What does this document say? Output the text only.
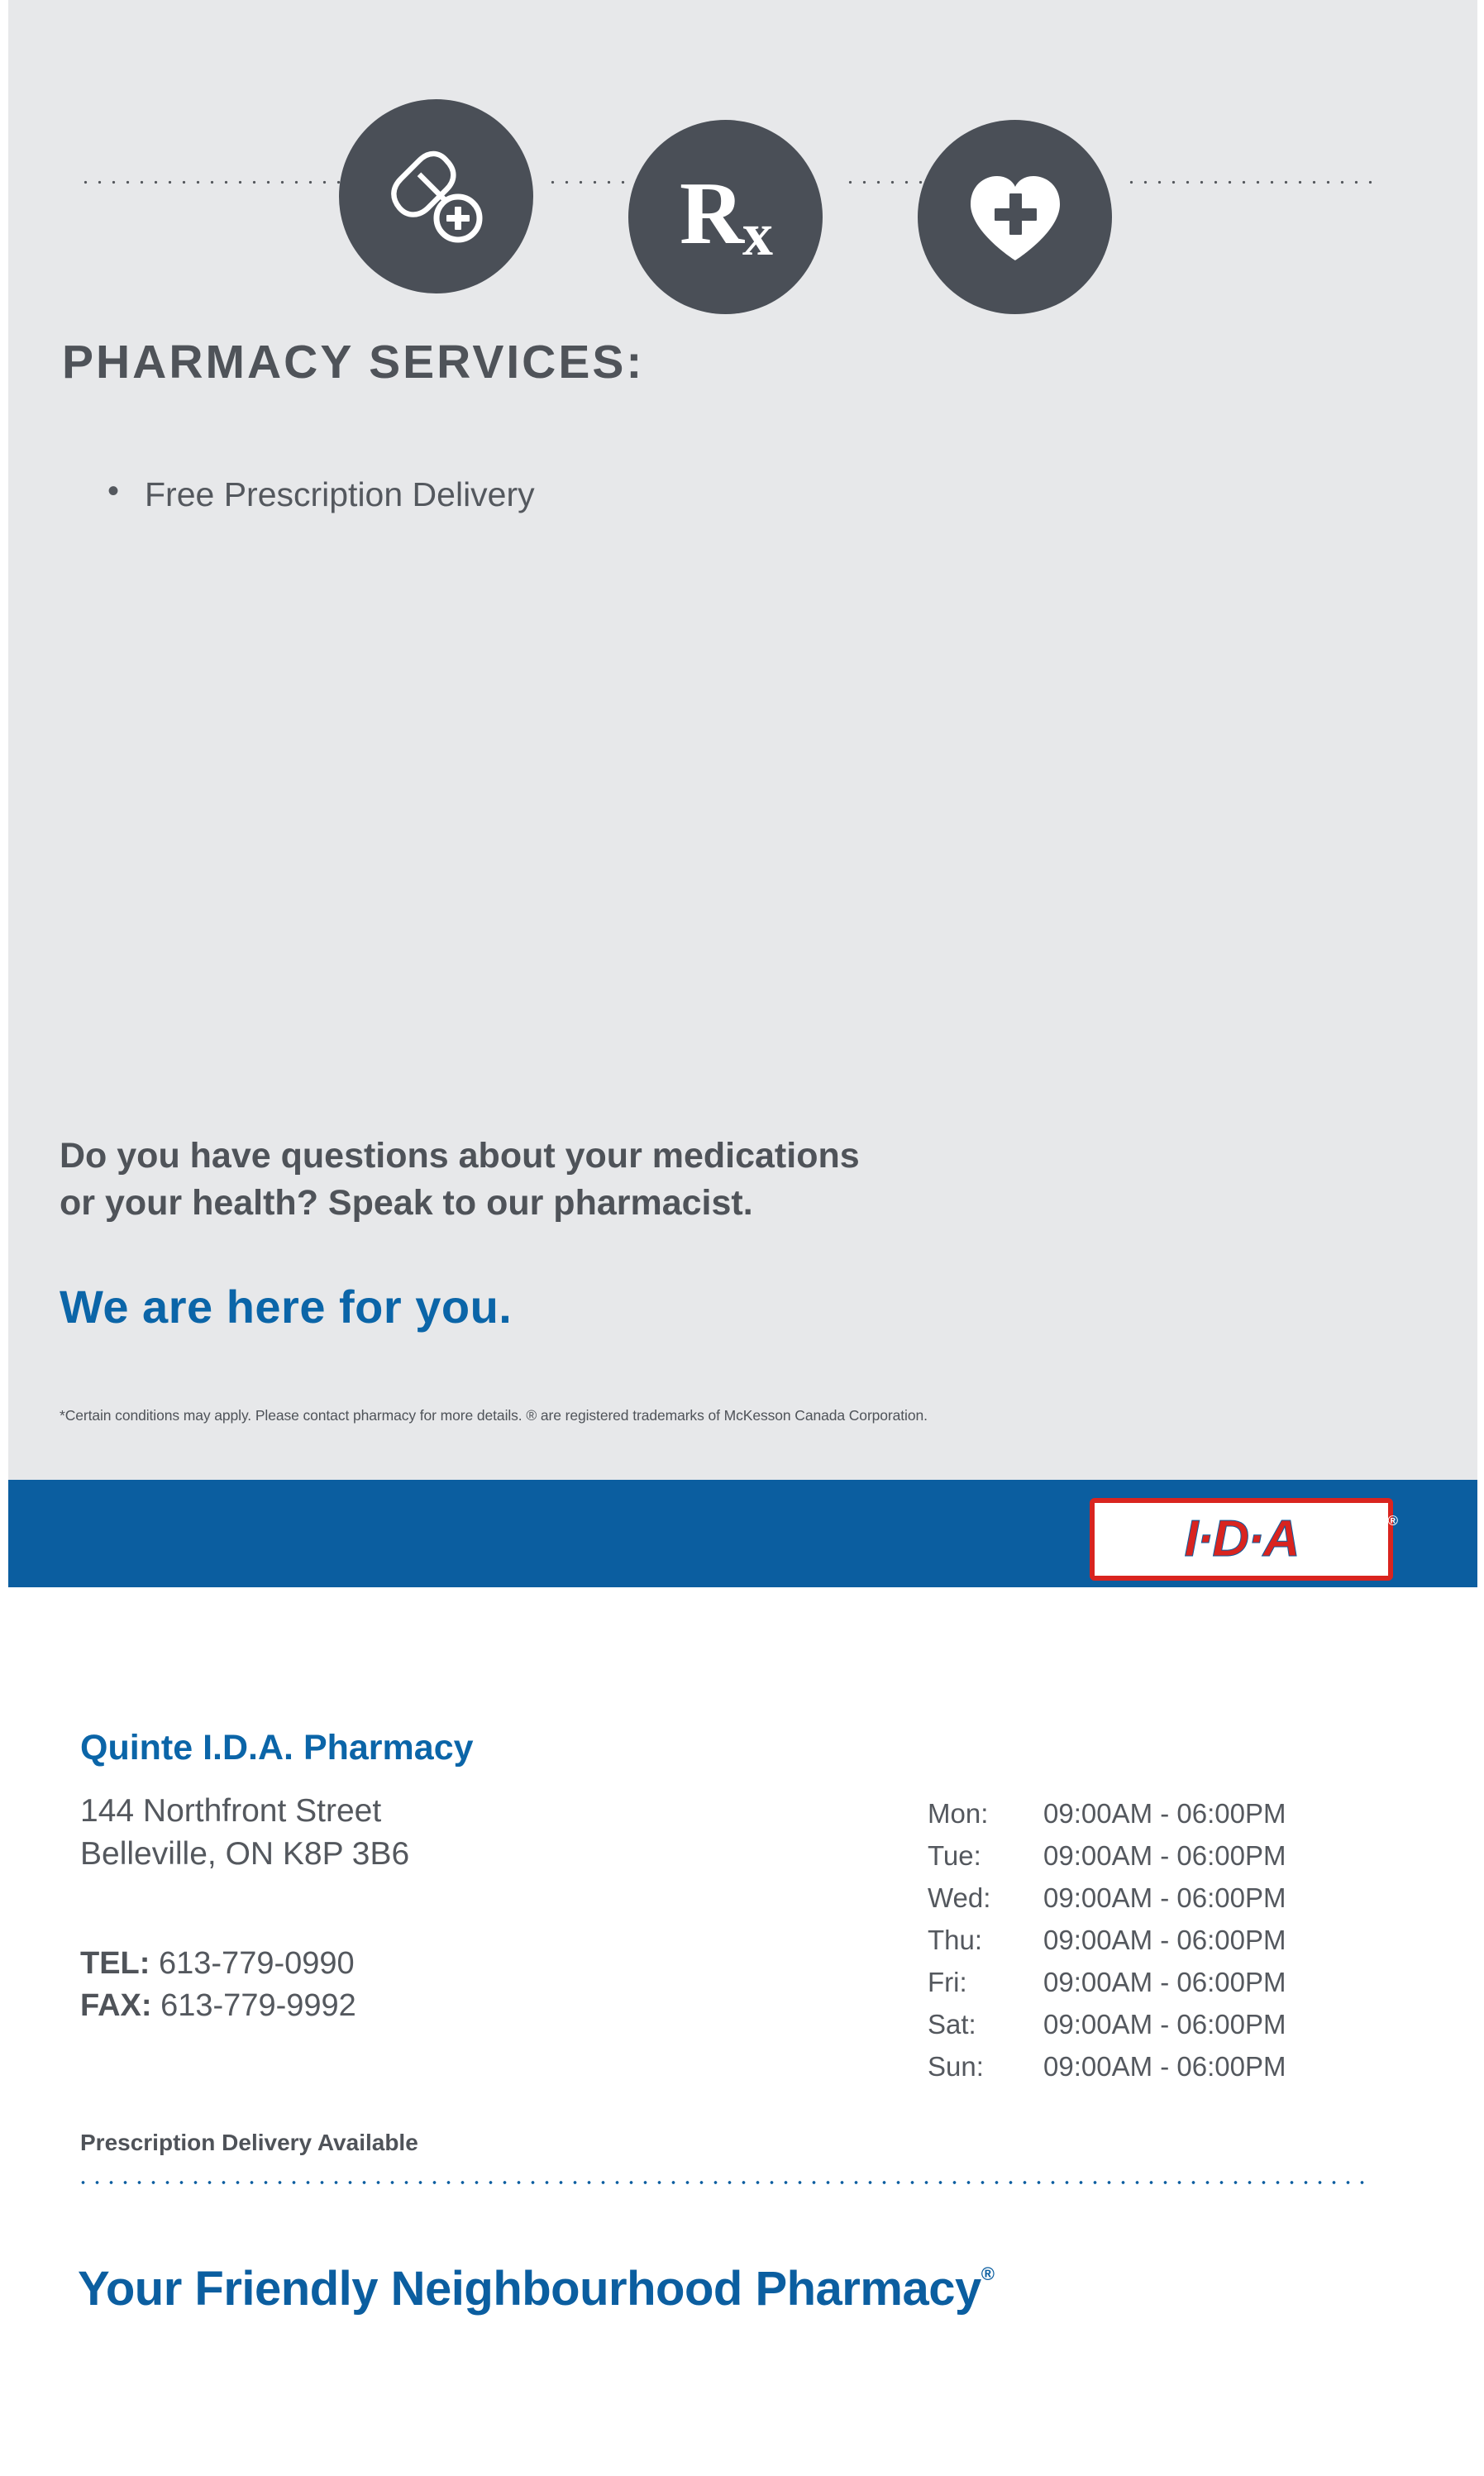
$R_x$
PHARMACY SERVICES:
• Free Prescription Delivery
Do you have questions about your medications
or your health? Speak to our pharmacist.
We are here for you.
*Certain conditions may apply. Please contact pharmacy for more details. ® are registered trademarks of McKesson Canada Corporation.
I·D·A	®
Quinte I.D.A. Pharmacy
144 Northfront Street
Belleville, ON K8P 3B6
TEL: 613-779-0990
FAX: 613-779-9992
Prescription Delivery Available
Mon:	09:00AM - 06:00PM
Tue:	09:00AM - 06:00PM
Wed:	09:00AM - 06:00PM
Thu:	09:00AM - 06:00PM
Fri:	09:00AM - 06:00PM
Sat:	09:00AM - 06:00PM
Sun:	09:00AM - 06:00PM
Your Friendly Neighbourhood Pharmacy®
